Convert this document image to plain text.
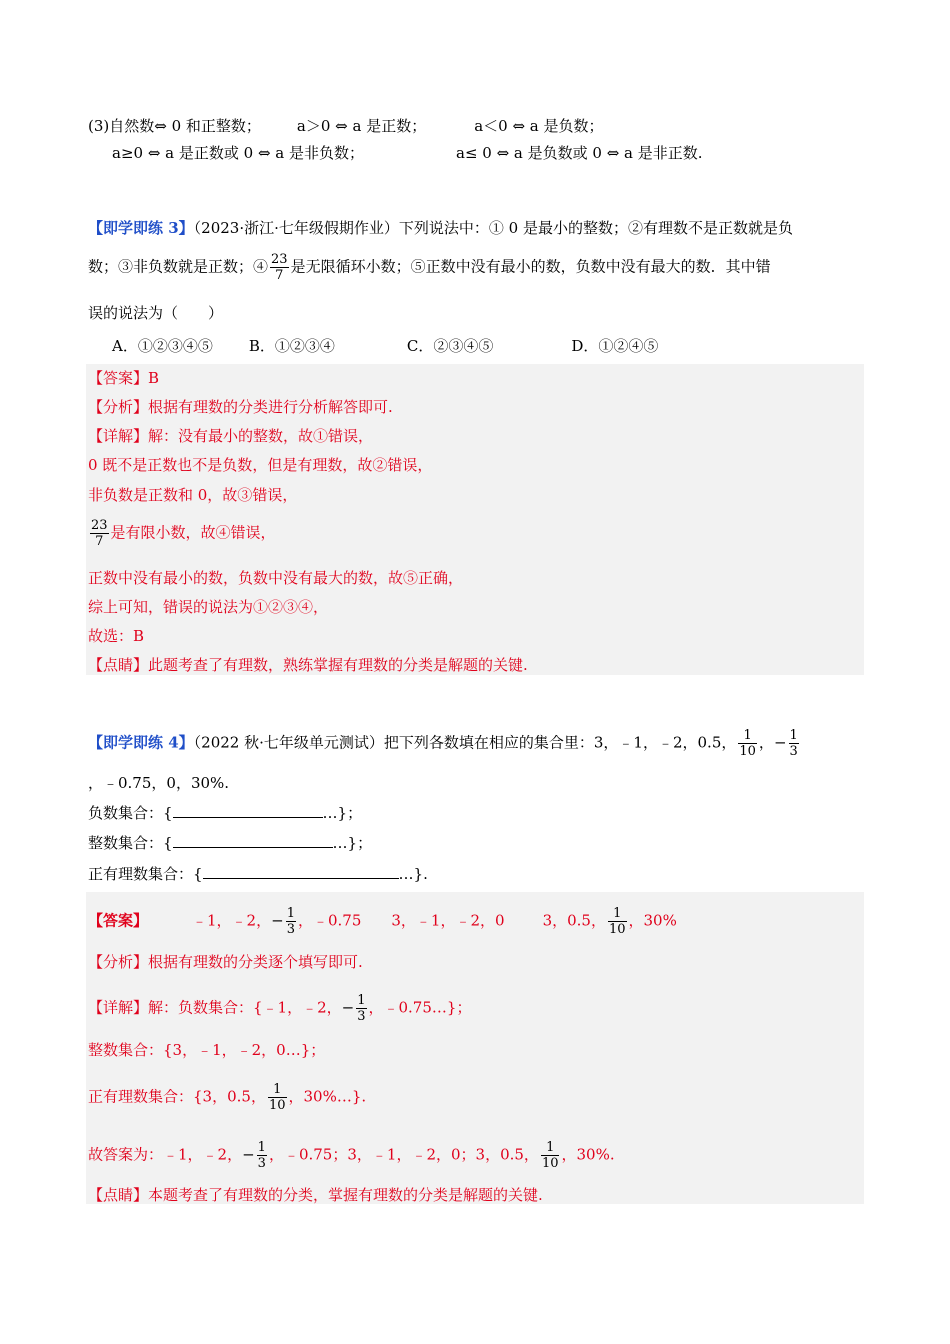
(3)自然数⇔ 0 和正整数； a＞0 ⇔ a 是正数；	a＜0 ⇔ a 是负数；
a≥0 ⇔ a 是正数或 0 ⇔ a 是非负数；	a≤ 0 ⇔ a 是负数或 0 ⇔ a 是非正数.
【即学即练 3】（2023·浙江·七年级假期作业）下列说法中：① 0 是最小的整数；②有理数不是正数就是负
数；③非负数就是正数；④ $\frac{23}{7}$ 是无限循环小数；⑤正数中没有最小的数，负数中没有最大的数．其中错
误的说法为（　　）
A．①②③④⑤ B．①②③④	C．②③④⑤	D．①②④⑤
【答案】B
【分析】根据有理数的分类进行分析解答即可.
【详解】解：没有最小的整数，故①错误，
0 既不是正数也不是负数，但是有理数，故②错误，
非负数是正数和 0，故③错误，
$\frac{23}{7}$ 是有限小数，故④错误，
正数中没有最小的数，负数中没有最大的数，故⑤正确，
综上可知，错误的说法为①②③④，
故选：B
【点睛】此题考查了有理数，熟练掌握有理数的分类是解题的关键.
【即学即练 4】（2022 秋·七年级单元测试）把下列各数填在相应的集合里：3，﹣1，﹣2，0.5， $\frac{1}{10}$ ，− $\frac{1}{3}$
，﹣0.75，0，30%.
负数集合：{	…}；
整数集合：{	…}；
正有理数集合：{	…}.
【答案】	﹣1，﹣2，− $\frac{1}{3}$ ，﹣0.75 3，﹣1，﹣2，0	3，0.5， $\frac{1}{10}$ ，30%
【分析】根据有理数的分类逐个填写即可.
【详解】解：负数集合：{﹣1，﹣2，− $\frac{1}{3}$ ，﹣0.75…}；
整数集合：{3，﹣1，﹣2，0…}；
正有理数集合：{3，0.5， $\frac{1}{10}$ ，30%…}.
故答案为：﹣1，﹣2，− $\frac{1}{3}$ ，﹣0.75；3，﹣1，﹣2，0；3，0.5， $\frac{1}{10}$ ，30%.
【点睛】本题考查了有理数的分类，掌握有理数的分类是解题的关键.
